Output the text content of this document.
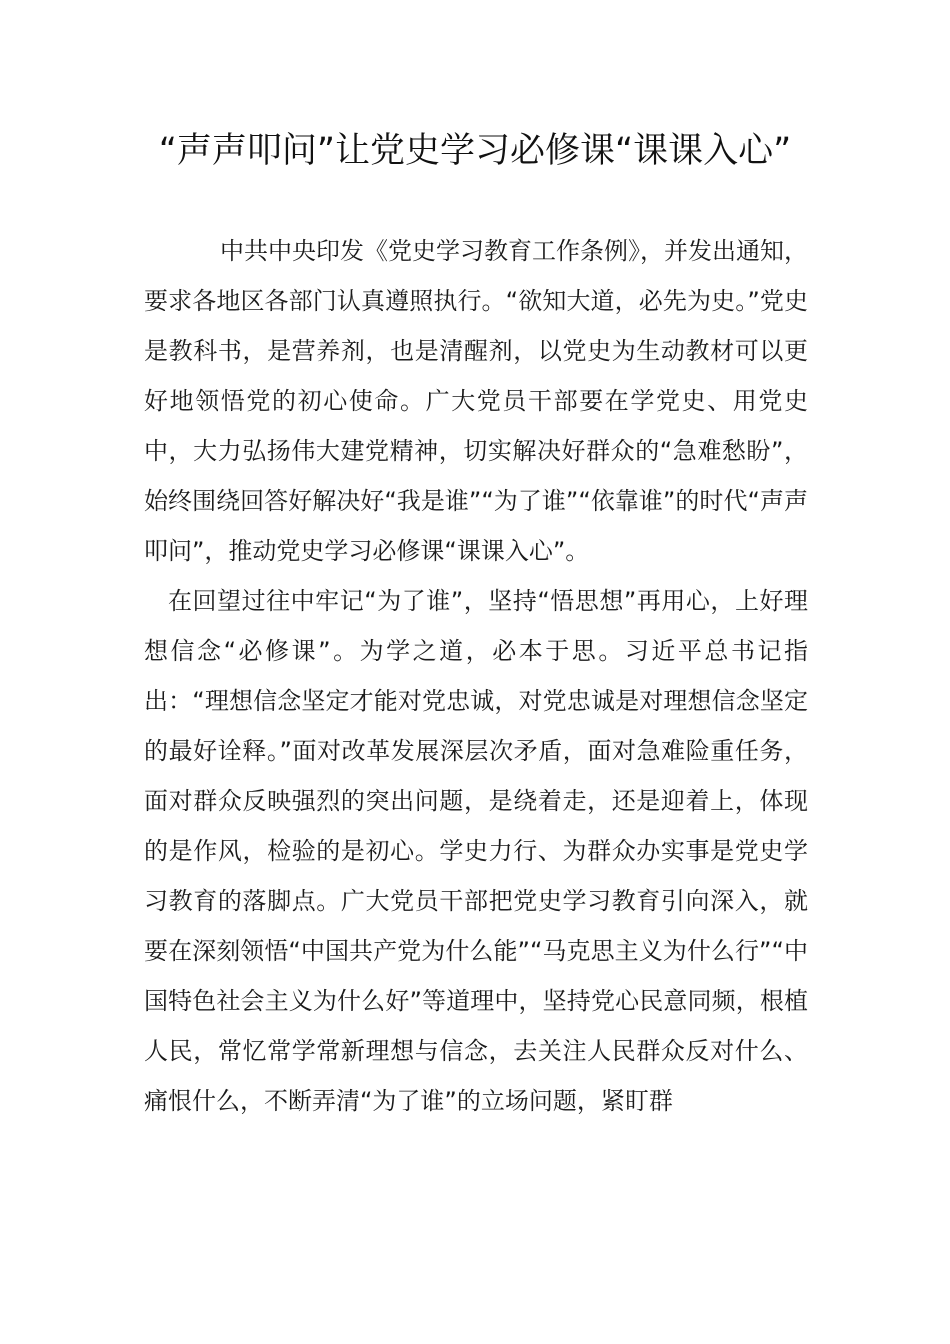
“声声叩问”让党史学习必修课“课课入心”

中共中央印发《党史学习教育工作条例》，并发出通知，要求各地区各部门认真遵照执行。“欲知大道，必先为史。”党史是教科书，是营养剂，也是清醒剂，以党史为生动教材可以更好地领悟党的初心使命。广大党员干部要在学党史、用党史中，大力弘扬伟大建党精神，切实解决好群众的“急难愁盼”，始终围绕回答好解决好“我是谁”“为了谁”“依靠谁”的时代“声声叩问”，推动党史学习必修课“课课入心”。

在回望过往中牢记“为了谁”，坚持“悟思想”再用心，上好理想信念“必修课”。为学之道，必本于思。习近平总书记指出：“理想信念坚定才能对党忠诚，对党忠诚是对理想信念坚定的最好诠释。”面对改革发展深层次矛盾，面对急难险重任务，面对群众反映强烈的突出问题，是绕着走，还是迎着上，体现的是作风，检验的是初心。学史力行、为群众办实事是党史学习教育的落脚点。广大党员干部把党史学习教育引向深入，就要在深刻领悟“中国共产党为什么能”“马克思主义为什么行”“中国特色社会主义为什么好”等道理中，坚持党心民意同频，根植人民，常忆常学常新理想与信念，去关注人民群众反对什么、痛恨什么，不断弄清“为了谁”的立场问题，紧盯群
